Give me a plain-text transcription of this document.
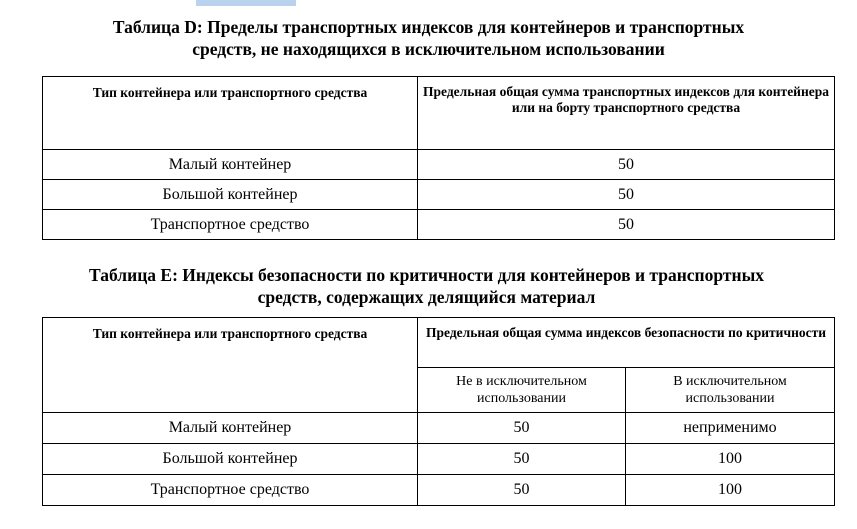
Таблица D: Пределы транспортных индексов для контейнеров и транспортных
средств, не находящихся в исключительном использовании
Тип контейнера или транспортного средства	Предельная общая сумма транспортных индексов для контейнера или на борту транспортного средства
Малый контейнер	50
Большой контейнер	50
Транспортное средство	50
Таблица E: Индексы безопасности по критичности для контейнеров и транспортных
средств, содержащих делящийся материал
Тип контейнера или транспортного средства	Предельная общая сумма индексов безопасности по критичности	
	Не в исключительном использовании	В исключительном использовании
Малый контейнер	50	неприменимо
Большой контейнер	50	100
Транспортное средство	50	100
